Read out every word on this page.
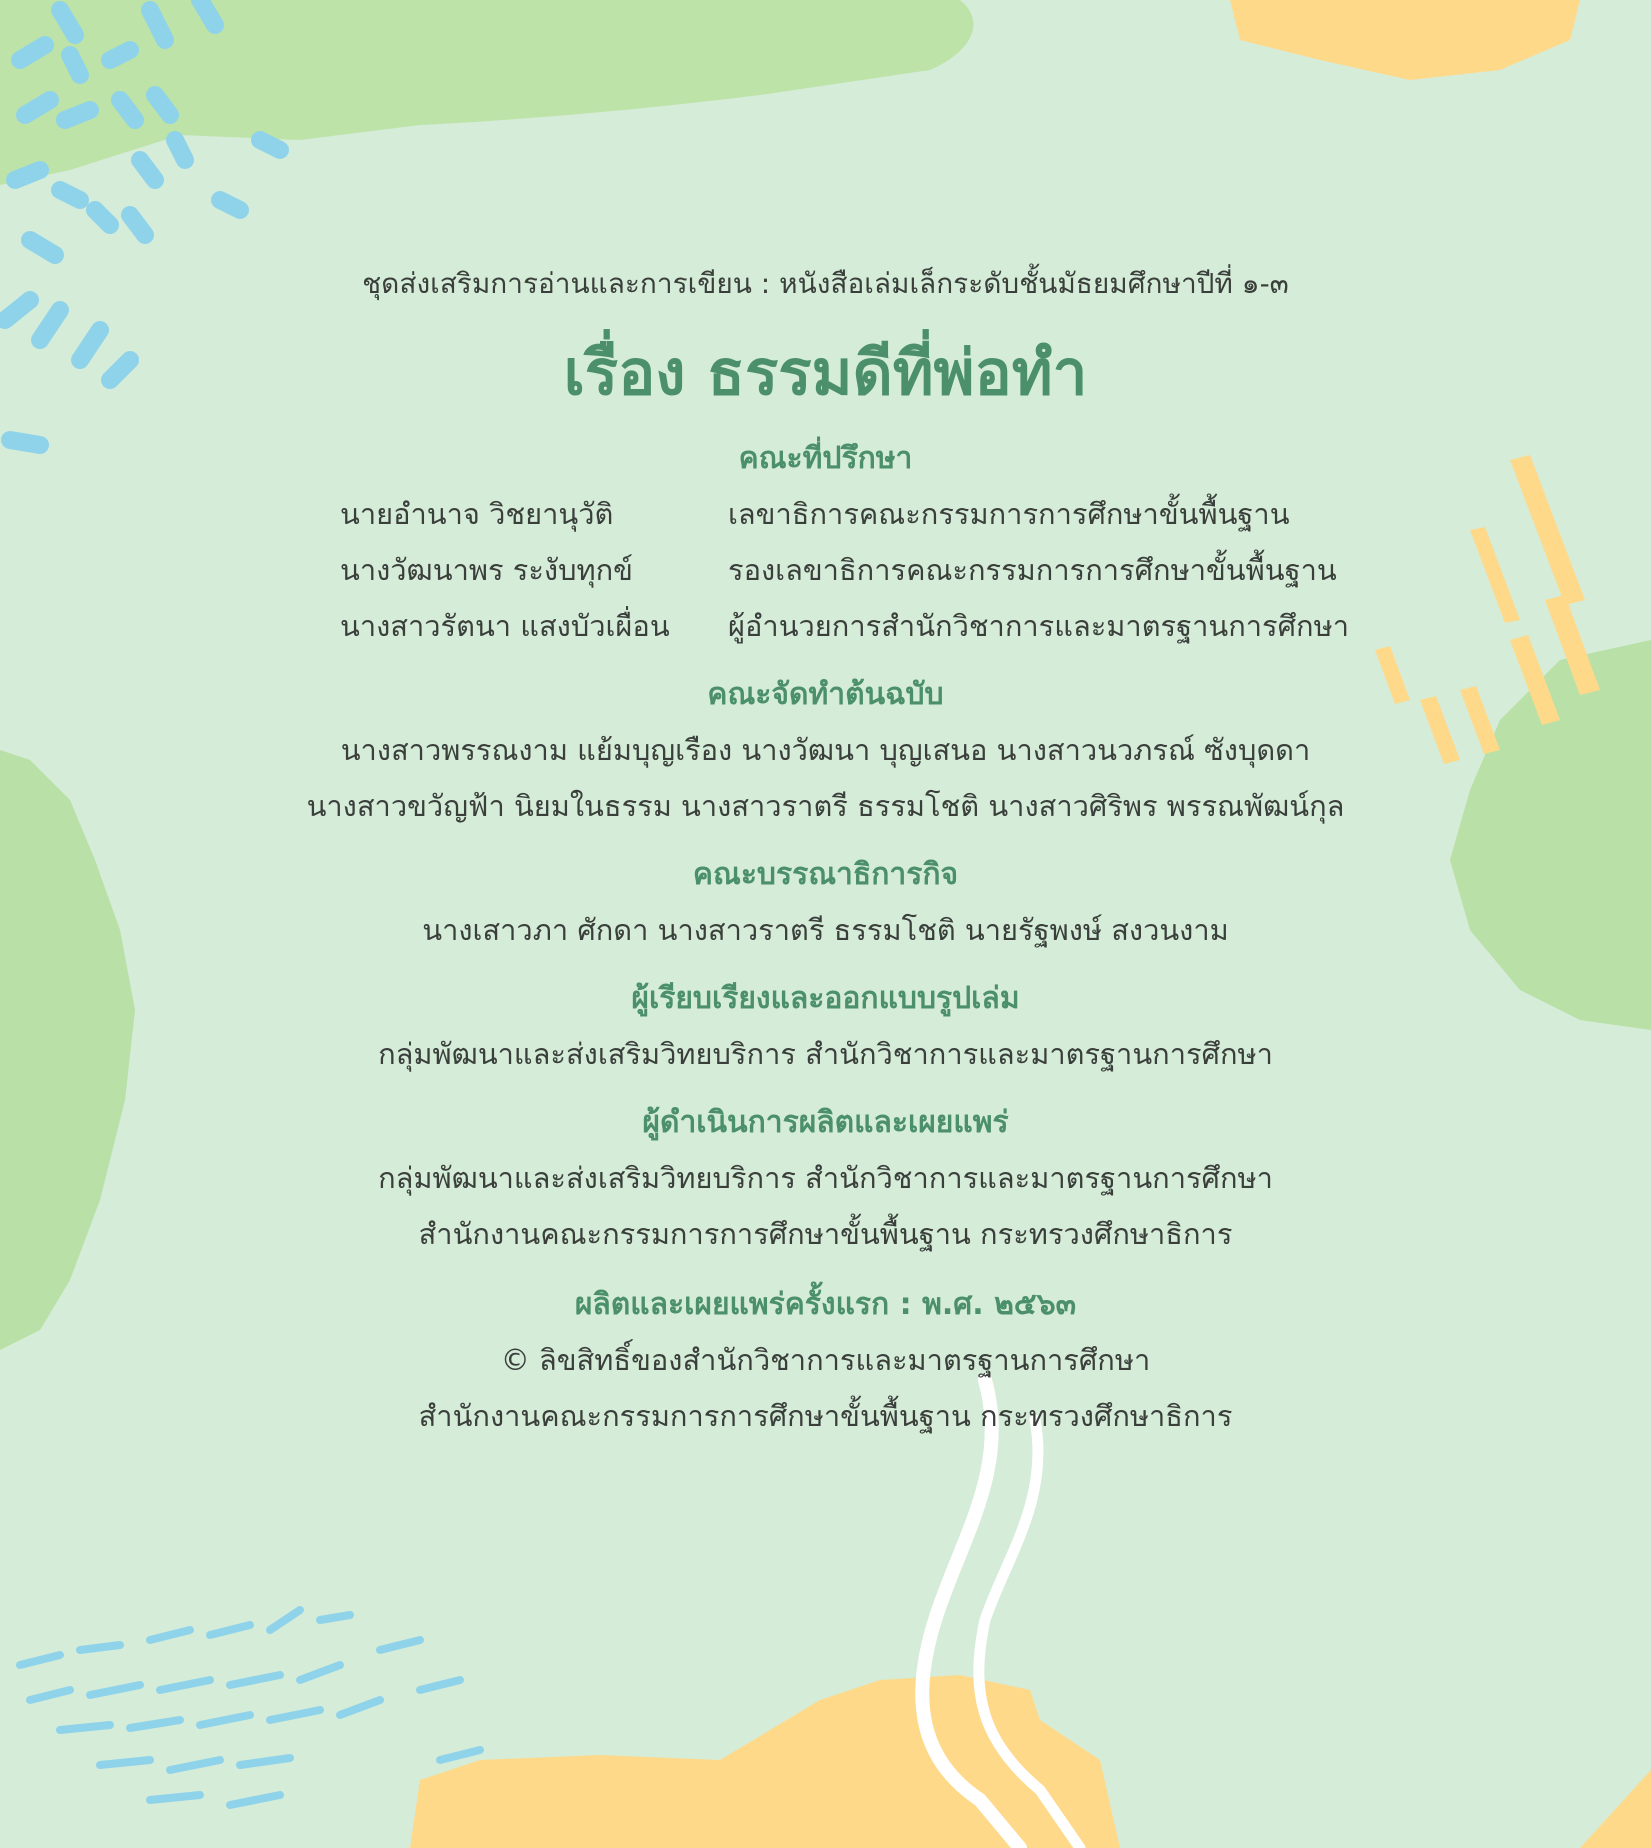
ชุดส่งเสริมการอ่านและการเขียน : หนังสือเล่มเล็กระดับชั้นมัธยมศึกษาปีที่ ๑-๓
เรื่อง ธรรมดีที่พ่อทำ
คณะที่ปรึกษา
นายอำนาจ วิชยานุวัติ	เลขาธิการคณะกรรมการการศึกษาขั้นพื้นฐาน
นางวัฒนาพร ระงับทุกข์	รองเลขาธิการคณะกรรมการการศึกษาขั้นพื้นฐาน
นางสาวรัตนา แสงบัวเผื่อน ผู้อำนวยการสำนักวิชาการและมาตรฐานการศึกษา
คณะจัดทำต้นฉบับ
นางสาวพรรณงาม แย้มบุญเรือง นางวัฒนา บุญเสนอ นางสาวนวภรณ์ ซังบุดดา
นางสาวขวัญฟ้า นิยมในธรรม นางสาวราตรี ธรรมโชติ นางสาวศิริพร พรรณพัฒน์กุล
คณะบรรณาธิการกิจ
นางเสาวภา ศักดา นางสาวราตรี ธรรมโชติ นายรัฐพงษ์ สงวนงาม
ผู้เรียบเรียงและออกแบบรูปเล่ม
กลุ่มพัฒนาและส่งเสริมวิทยบริการ สำนักวิชาการและมาตรฐานการศึกษา
ผู้ดำเนินการผลิตและเผยแพร่
กลุ่มพัฒนาและส่งเสริมวิทยบริการ สำนักวิชาการและมาตรฐานการศึกษา
สำนักงานคณะกรรมการการศึกษาขั้นพื้นฐาน กระทรวงศึกษาธิการ
ผลิตและเผยแพร่ครั้งแรก : พ.ศ. ๒๕๖๓
© ลิขสิทธิ์ของสำนักวิชาการและมาตรฐานการศึกษา
สำนักงานคณะกรรมการการศึกษาขั้นพื้นฐาน กระทรวงศึกษาธิการ
